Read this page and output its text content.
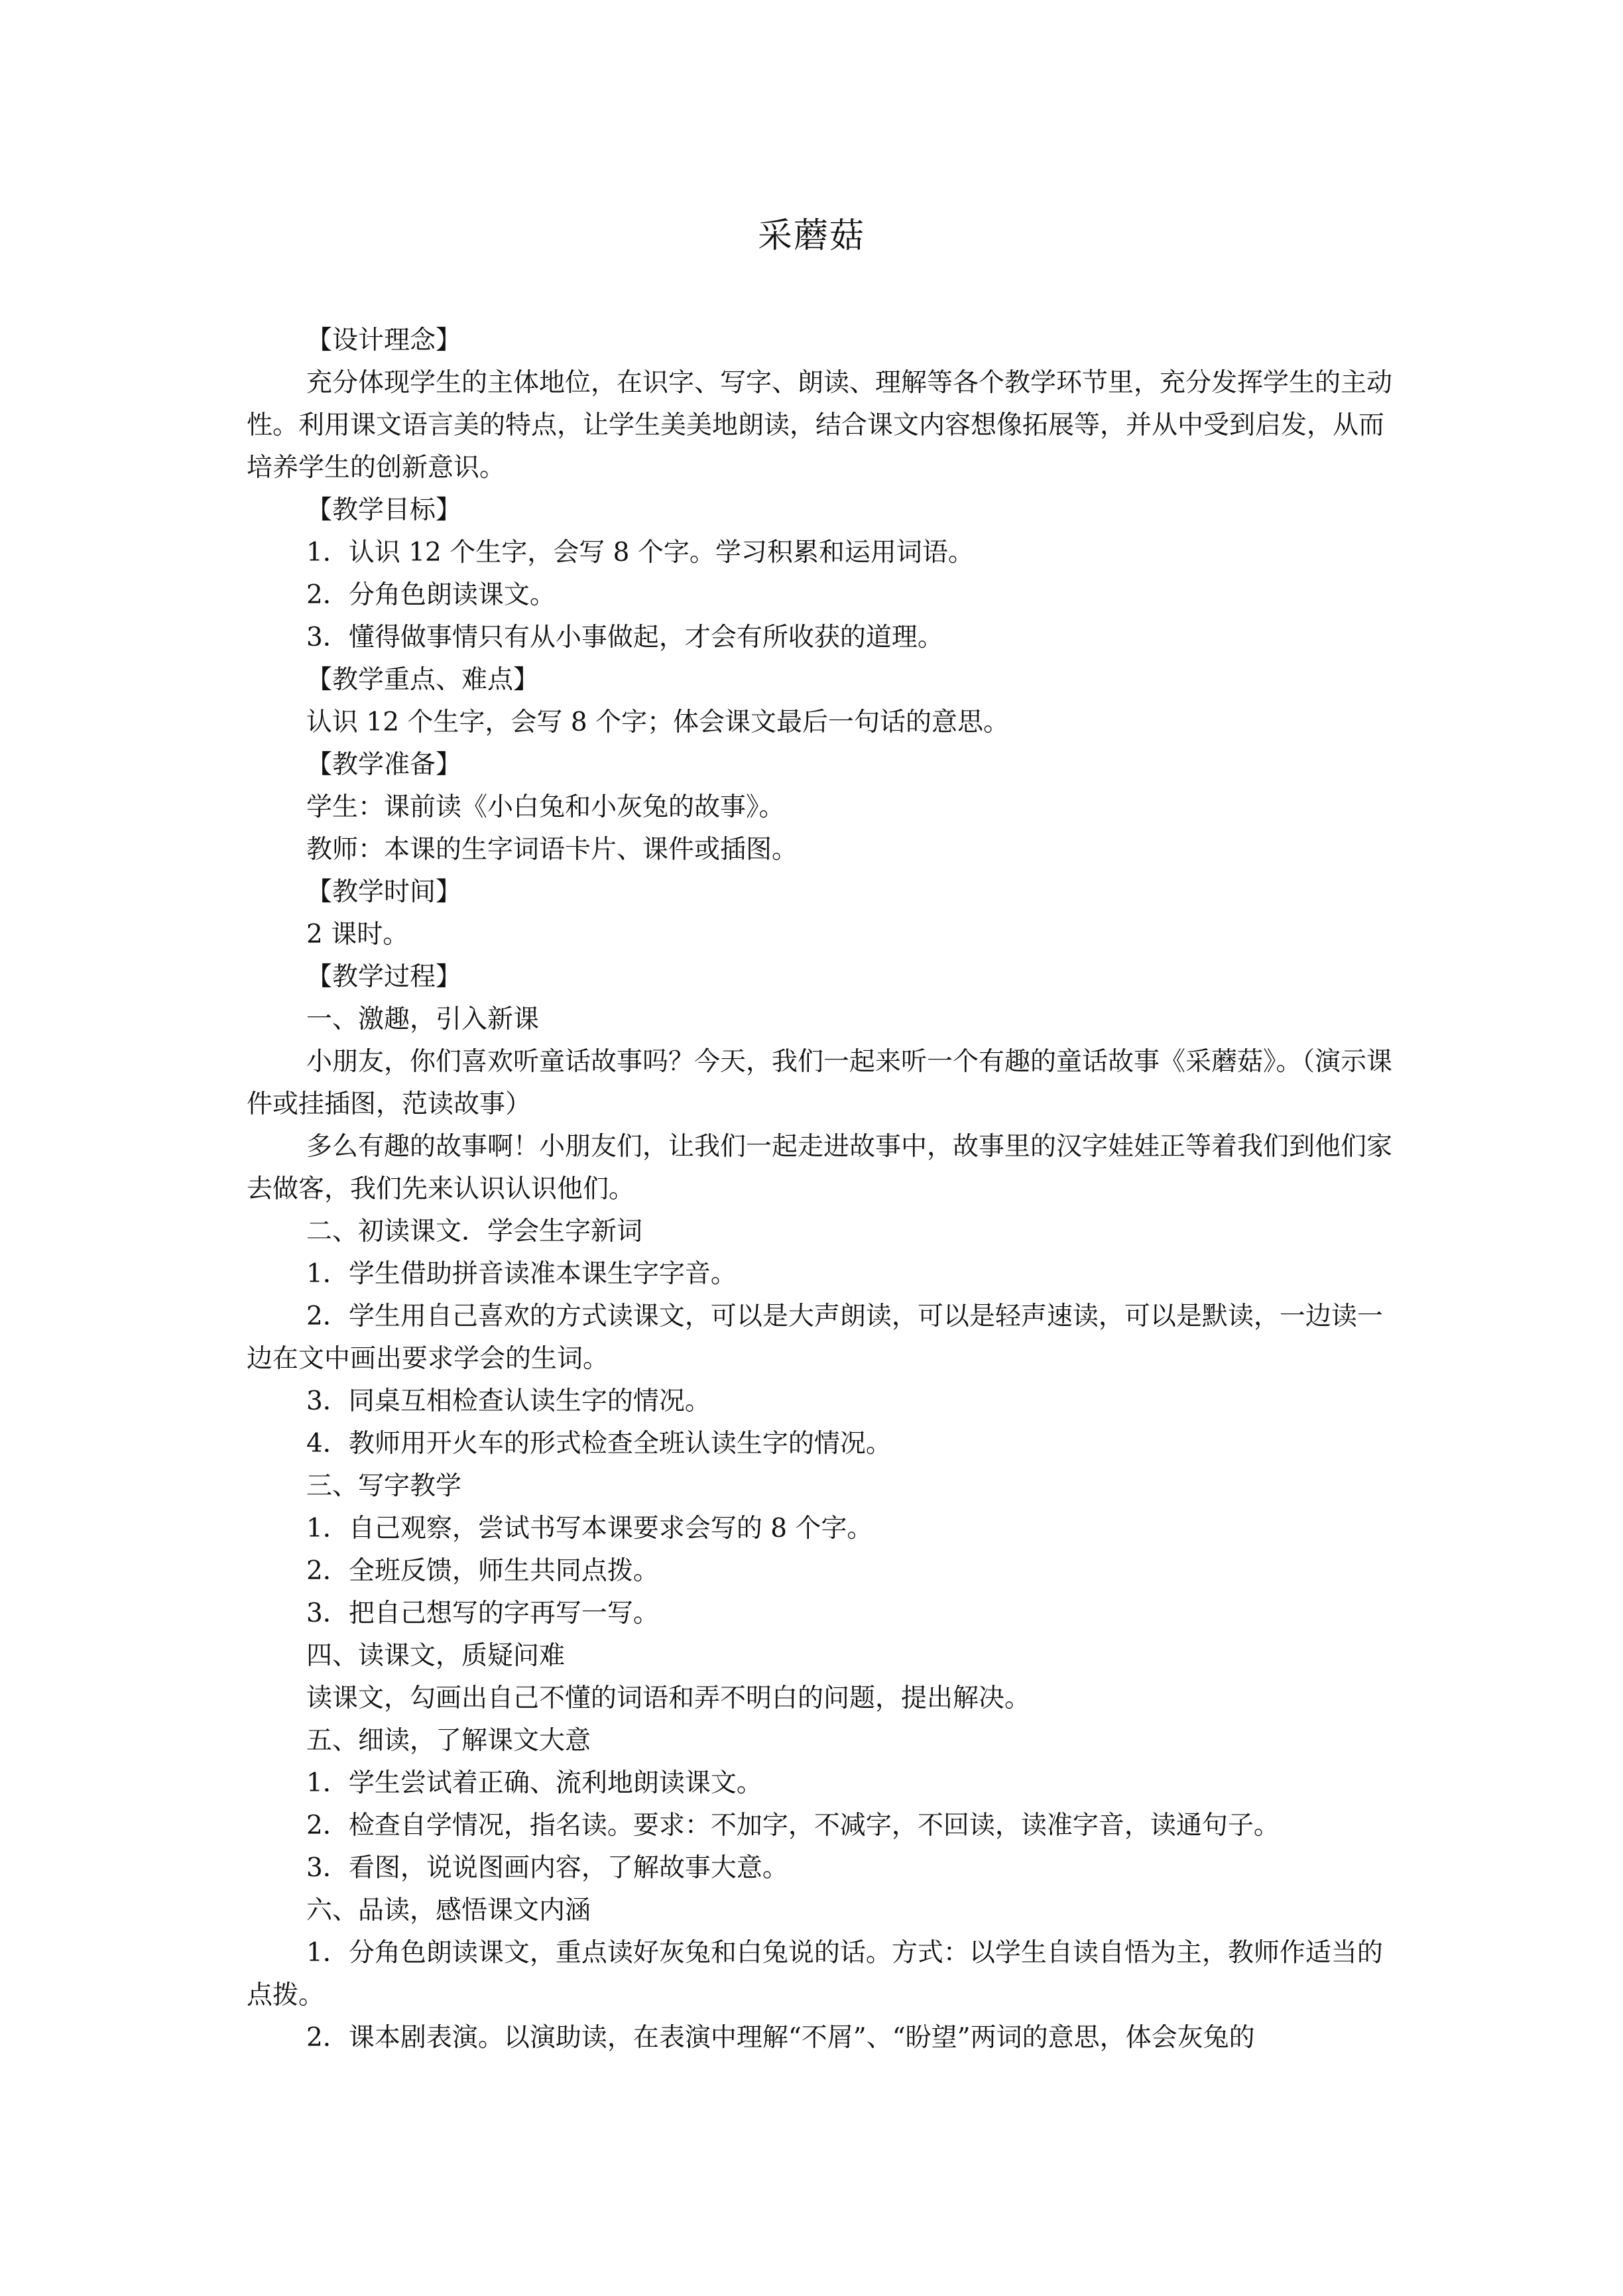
采蘑菇

【设计理念】

充分体现学生的主体地位，在识字、写字、朗读、理解等各个教学环节里，充分发挥学生的主动性。利用课文语言美的特点，让学生美美地朗读，结合课文内容想像拓展等，并从中受到启发，从而培养学生的创新意识。

【教学目标】

1．认识 12 个生字，会写 8 个字。学习积累和运用词语。

2．分角色朗读课文。

3．懂得做事情只有从小事做起，才会有所收获的道理。

【教学重点、难点】

认识 12 个生字，会写 8 个字；体会课文最后一句话的意思。

【教学准备】

学生：课前读《小白兔和小灰兔的故事》。

教师：本课的生字词语卡片、课件或插图。

【教学时间】

2 课时。

【教学过程】

一、激趣，引入新课

小朋友，你们喜欢听童话故事吗？今天，我们一起来听一个有趣的童话故事《采蘑菇》。（演示课件或挂插图，范读故事）

多么有趣的故事啊！小朋友们，让我们一起走进故事中，故事里的汉字娃娃正等着我们到他们家去做客，我们先来认识认识他们。

二、初读课文．学会生字新词

1．学生借助拼音读准本课生字字音。

2．学生用自己喜欢的方式读课文，可以是大声朗读，可以是轻声速读，可以是默读，一边读一边在文中画出要求学会的生词。

3．同桌互相检查认读生字的情况。

4．教师用开火车的形式检查全班认读生字的情况。

三、写字教学

1．自己观察，尝试书写本课要求会写的 8 个字。

2．全班反馈，师生共同点拨。

3．把自己想写的字再写一写。

四、读课文，质疑问难

读课文，勾画出自己不懂的词语和弄不明白的问题，提出解决。

五、细读，了解课文大意

1．学生尝试着正确、流利地朗读课文。

2．检查自学情况，指名读。要求：不加字，不减字，不回读，读准字音，读通句子。

3．看图，说说图画内容，了解故事大意。

六、品读，感悟课文内涵

1．分角色朗读课文，重点读好灰兔和白兔说的话。方式：以学生自读自悟为主，教师作适当的点拨。

2．课本剧表演。以演助读，在表演中理解“不屑”、“盼望”两词的意思，体会灰兔的
